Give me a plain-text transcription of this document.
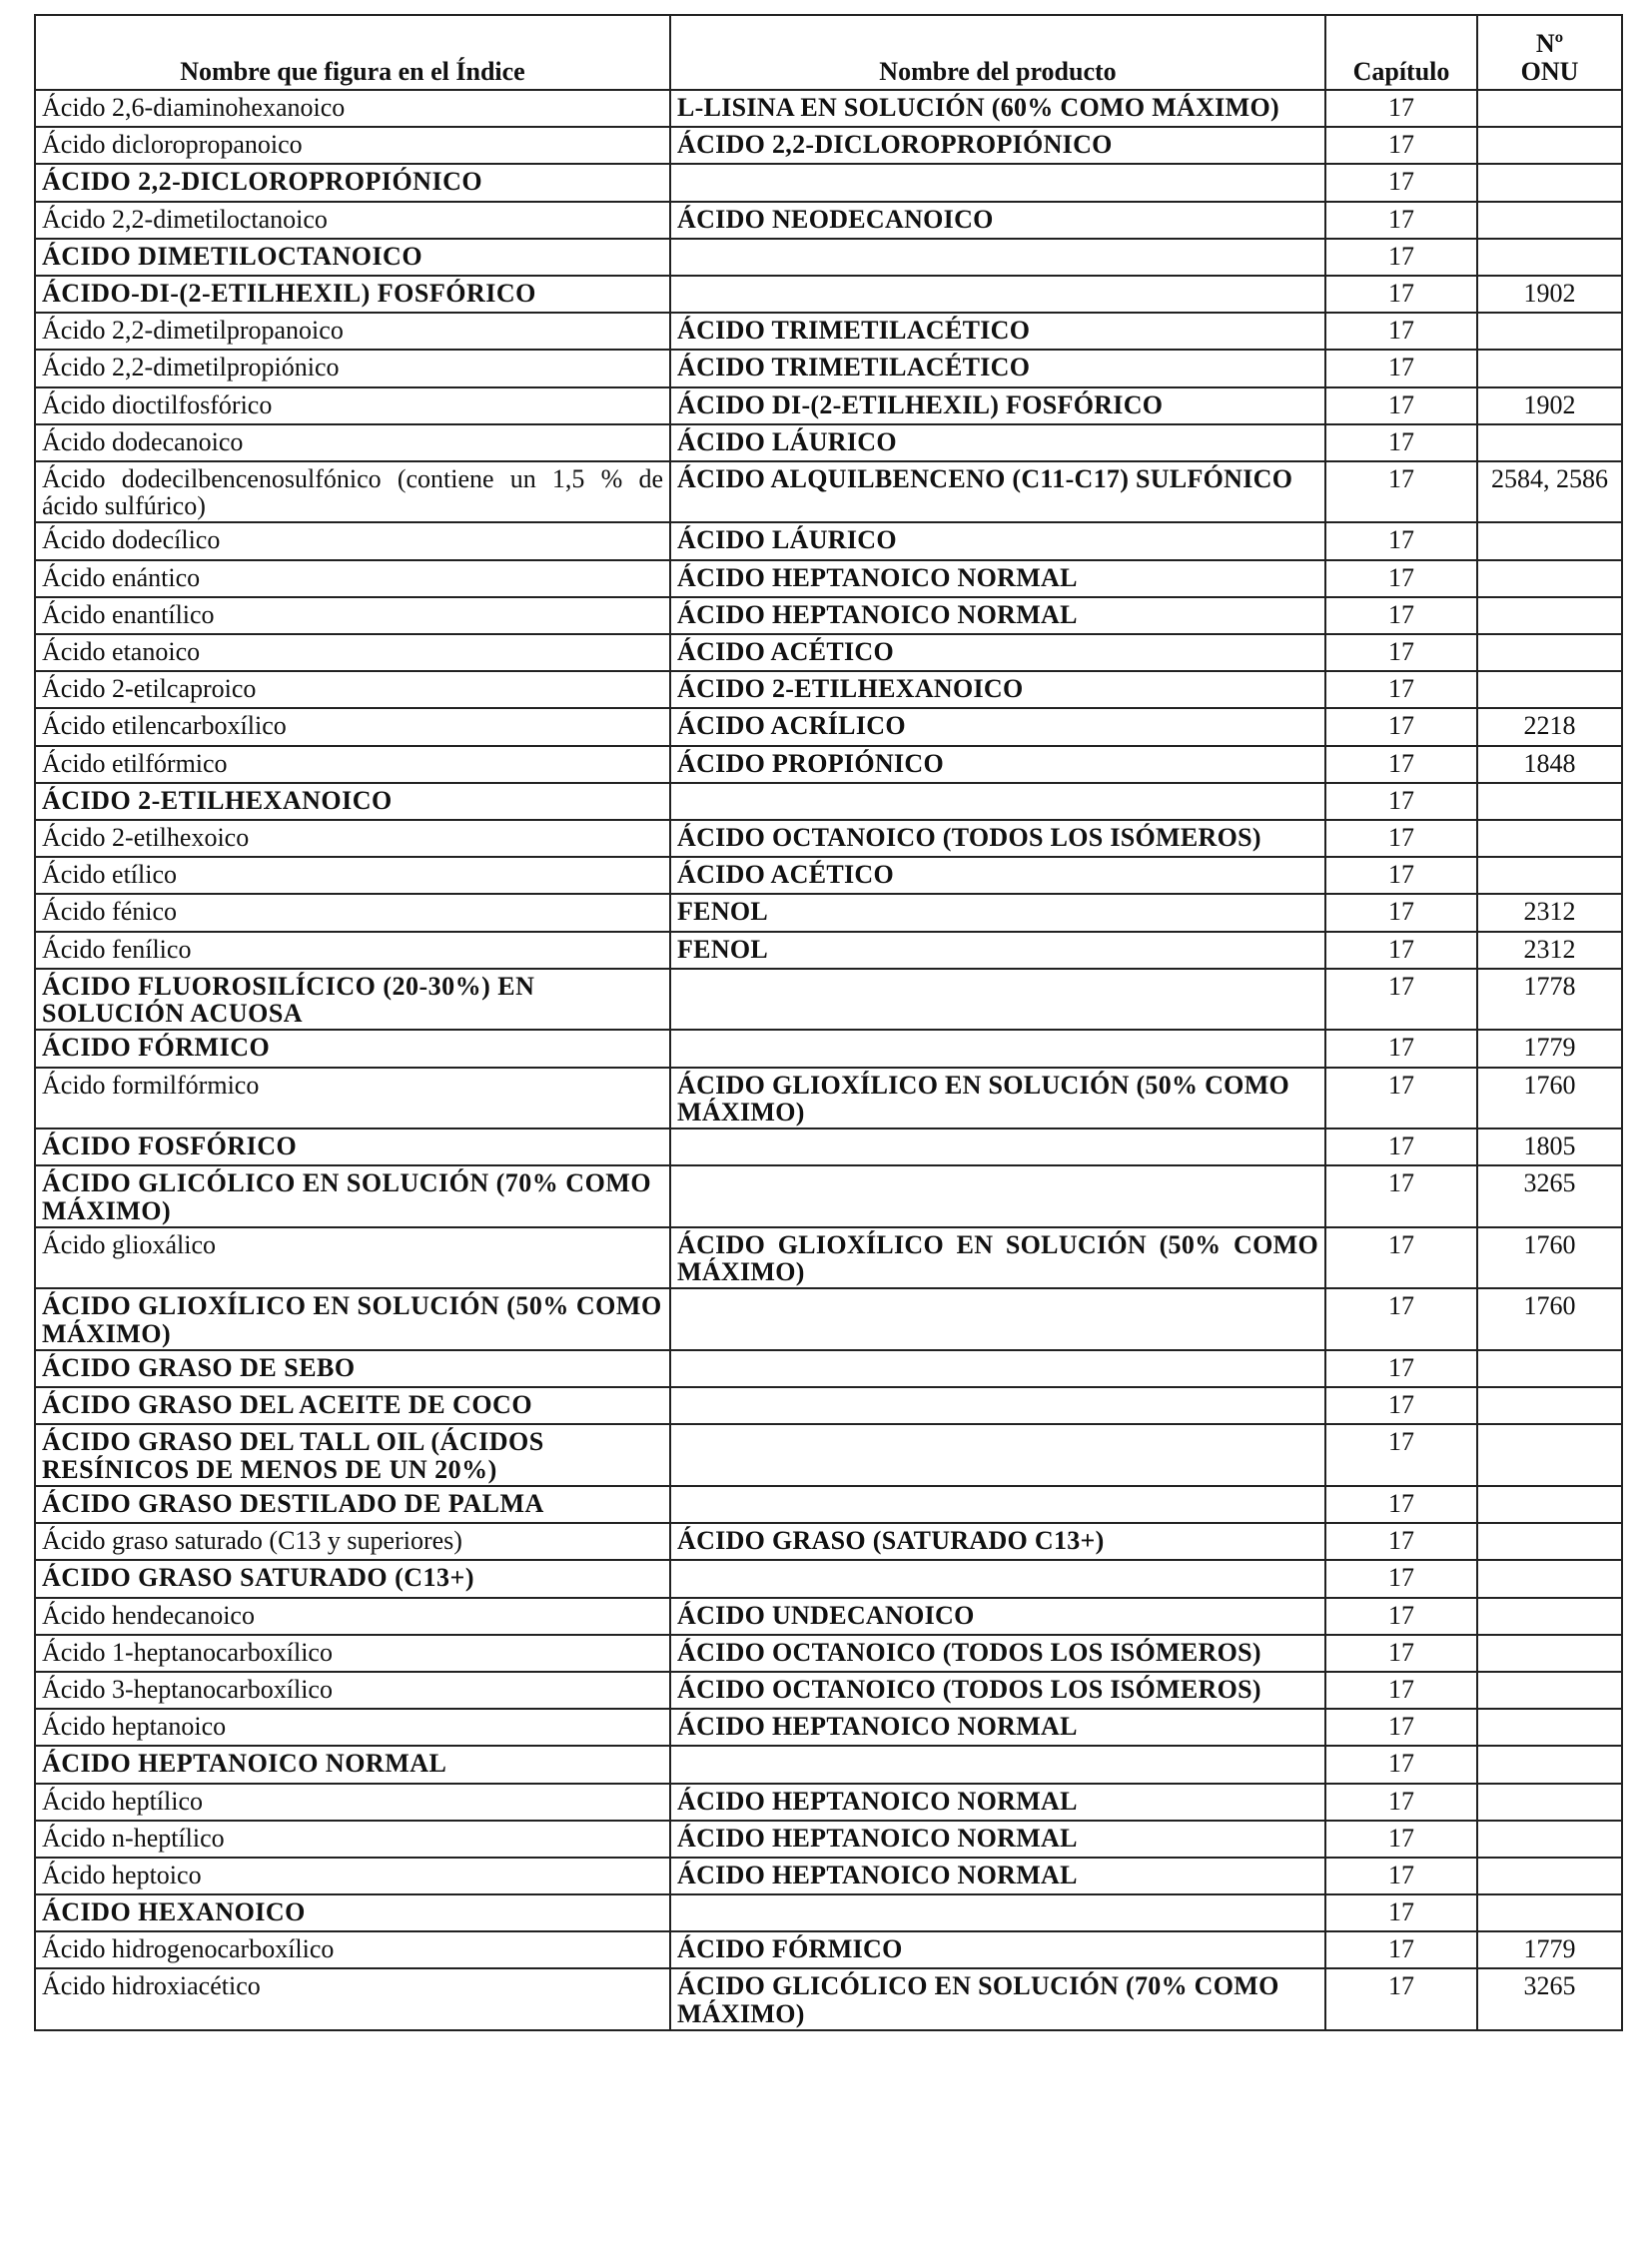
Nombre que figura en el Índice	Nombre del producto	Capítulo	Nº
ONU

Ácido 2,6-diaminohexanoico	L-LISINA EN SOLUCIÓN (60% COMO MÁXIMO)	17	
Ácido dicloropropanoico	ÁCIDO 2,2-DICLOROPROPIÓNICO	17	
ÁCIDO 2,2-DICLOROPROPIÓNICO		17	
Ácido 2,2-dimetiloctanoico	ÁCIDO NEODECANOICO	17	
ÁCIDO DIMETILOCTANOICO		17	
ÁCIDO-DI-(2-ETILHEXIL) FOSFÓRICO		17	1902
Ácido 2,2-dimetilpropanoico	ÁCIDO TRIMETILACÉTICO	17	
Ácido 2,2-dimetilpropiónico	ÁCIDO TRIMETILACÉTICO	17	
Ácido dioctilfosfórico	ÁCIDO DI-(2-ETILHEXIL) FOSFÓRICO	17	1902
Ácido dodecanoico	ÁCIDO LÁURICO	17	
Ácido dodecilbencenosulfónico (contiene un 1,5 % de ácido sulfúrico)	ÁCIDO ALQUILBENCENO (C11-C17) SULFÓNICO	17	2584, 2586
Ácido dodecílico	ÁCIDO LÁURICO	17	
Ácido enántico	ÁCIDO HEPTANOICO NORMAL	17	
Ácido enantílico	ÁCIDO HEPTANOICO NORMAL	17	
Ácido etanoico	ÁCIDO ACÉTICO	17	
Ácido 2-etilcaproico	ÁCIDO 2-ETILHEXANOICO	17	
Ácido etilencarboxílico	ÁCIDO ACRÍLICO	17	2218
Ácido etilfórmico	ÁCIDO PROPIÓNICO	17	1848
ÁCIDO 2-ETILHEXANOICO		17	
Ácido 2-etilhexoico	ÁCIDO OCTANOICO (TODOS LOS ISÓMEROS)	17	
Ácido etílico	ÁCIDO ACÉTICO	17	
Ácido fénico	FENOL	17	2312
Ácido fenílico	FENOL	17	2312
ÁCIDO FLUOROSILÍCICO (20-30%) EN SOLUCIÓN ACUOSA		17	1778
ÁCIDO FÓRMICO		17	1779
Ácido formilfórmico	ÁCIDO GLIOXÍLICO EN SOLUCIÓN (50% COMO MÁXIMO)	17	1760
ÁCIDO FOSFÓRICO		17	1805
ÁCIDO GLICÓLICO EN SOLUCIÓN (70% COMO MÁXIMO)		17	3265
Ácido glioxálico	ÁCIDO GLIOXÍLICO EN SOLUCIÓN (50% COMO MÁXIMO)	17	1760
ÁCIDO GLIOXÍLICO EN SOLUCIÓN (50% COMO MÁXIMO)		17	1760
ÁCIDO GRASO DE SEBO		17	
ÁCIDO GRASO DEL ACEITE DE COCO		17	
ÁCIDO GRASO DEL TALL OIL (ÁCIDOS RESÍNICOS DE MENOS DE UN 20%)		17	
ÁCIDO GRASO DESTILADO DE PALMA		17	
Ácido graso saturado (C13 y superiores)	ÁCIDO GRASO (SATURADO C13+)	17	
ÁCIDO GRASO SATURADO (C13+)		17	
Ácido hendecanoico	ÁCIDO UNDECANOICO	17	
Ácido 1-heptanocarboxílico	ÁCIDO OCTANOICO (TODOS LOS ISÓMEROS)	17	
Ácido 3-heptanocarboxílico	ÁCIDO OCTANOICO (TODOS LOS ISÓMEROS)	17	
Ácido heptanoico	ÁCIDO HEPTANOICO NORMAL	17	
ÁCIDO HEPTANOICO NORMAL		17	
Ácido heptílico	ÁCIDO HEPTANOICO NORMAL	17	
Ácido n-heptílico	ÁCIDO HEPTANOICO NORMAL	17	
Ácido heptoico	ÁCIDO HEPTANOICO NORMAL	17	
ÁCIDO HEXANOICO		17	
Ácido hidrogenocarboxílico	ÁCIDO FÓRMICO	17	1779
Ácido hidroxiacético	ÁCIDO GLICÓLICO EN SOLUCIÓN (70% COMO MÁXIMO)	17	3265
